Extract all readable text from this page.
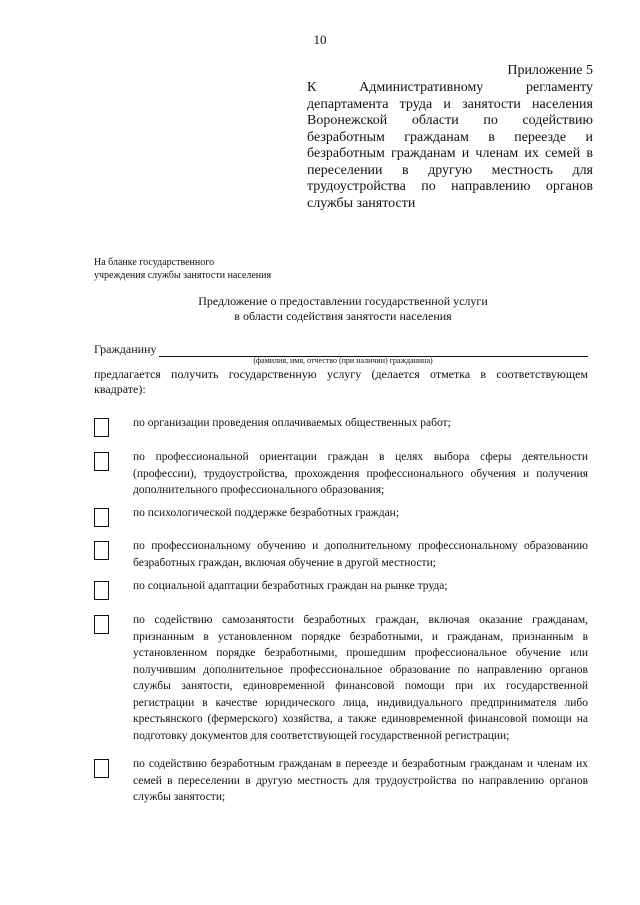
10
Приложение 5
К Административному регламенту департамента труда и занятости населения Воронежской области по содействию безработным гражданам в переезде и безработным гражданам и членам их семей в переселении в другую местность для трудоустройства по направлению органов службы занятости
На бланке государственного
учреждения службы занятости населения
Предложение о предоставлении государственной услуги
в области содействия занятости населения
Гражданину
(фамилия, имя, отчество (при наличии) гражданина)
предлагается получить государственную услугу (делается отметка в соответствующем квадрате):
по организации проведения оплачиваемых общественных работ;
по профессиональной ориентации граждан в целях выбора сферы деятельности (профессии), трудоустройства, прохождения профессионального обучения и получения дополнительного профессионального образования;
по психологической поддержке безработных граждан;
по профессиональному обучению и дополнительному профессиональному образованию безработных граждан, включая обучение в другой местности;
по социальной адаптации безработных граждан на рынке труда;
по содействию самозанятости безработных граждан, включая оказание гражданам, признанным в установленном порядке безработными, и гражданам, признанным в установленном порядке безработными, прошедшим профессиональное обучение или получившим дополнительное профессиональное образование по направлению органов службы занятости, единовременной финансовой помощи при их государственной регистрации в качестве юридического лица, индивидуального предпринимателя либо крестьянского (фермерского) хозяйства, а также единовременной финансовой помощи на подготовку документов для соответствующей государственной регистрации;
по содействию безработным гражданам в переезде и безработным гражданам и членам их семей в переселении в другую местность для трудоустройства по направлению органов службы занятости;
